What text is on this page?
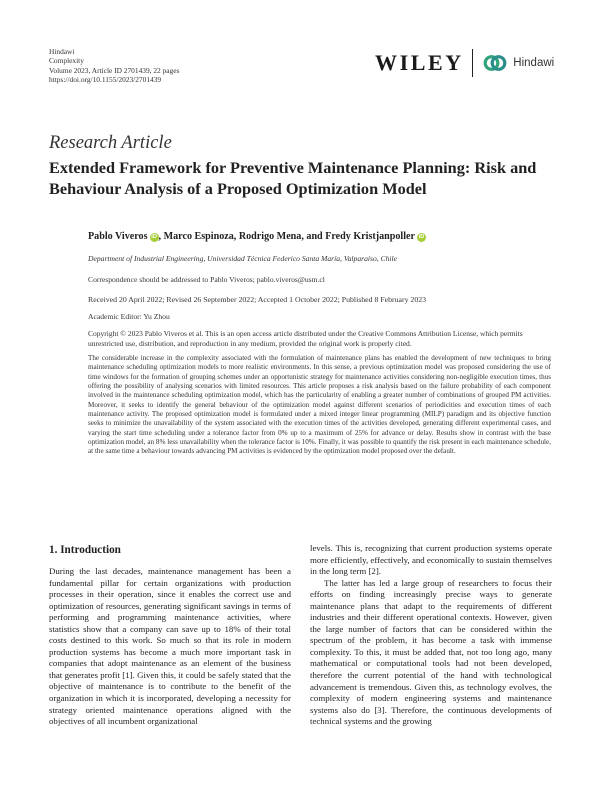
Hindawi
Complexity
Volume 2023, Article ID 2701439, 22 pages
https://doi.org/10.1155/2023/2701439
WILEY	Hindawi
Research Article
Extended Framework for Preventive Maintenance Planning: Risk and Behaviour Analysis of a Proposed Optimization Model
Pablo Viveros iD , Marco Espinoza, Rodrigo Mena, and Fredy Kristjanpoller iD
Department of Industrial Engineering, Universidad Técnica Federico Santa María, Valparaíso, Chile
Correspondence should be addressed to Pablo Viveros; pablo.viveros@usm.cl
Received 20 April 2022; Revised 26 September 2022; Accepted 1 October 2022; Published 8 February 2023
Academic Editor: Yu Zhou
Copyright © 2023 Pablo Viveros et al. This is an open access article distributed under the Creative Commons Attribution License, which permits unrestricted use, distribution, and reproduction in any medium, provided the original work is properly cited.
The considerable increase in the complexity associated with the formulation of maintenance plans has enabled the development of new techniques to bring maintenance scheduling optimization models to more realistic environments. In this sense, a previous optimization model was proposed considering the use of time windows for the formation of grouping schemes under an opportunistic strategy for maintenance activities considering non-negligible execution times, thus offering the possibility of analysing scenarios with limited resources. This article proposes a risk analysis based on the failure probability of each component involved in the maintenance scheduling optimization model, which has the particularity of enabling a greater number of combinations of grouped PM activities. Moreover, it seeks to identify the general behaviour of the optimization model against different scenarios of periodicities and execution times of each maintenance activity. The proposed optimization model is formulated under a mixed integer linear programming (MILP) paradigm and its objective function seeks to minimize the unavailability of the system associated with the execution times of the activities developed, generating different experimental cases, and varying the start time scheduling under a tolerance factor from 0% up to a maximum of 25% for advance or delay. Results show in contrast with the base optimization model, an 8% less unavailability when the tolerance factor is 10%. Finally, it was possible to quantify the risk present in each maintenance schedule, at the same time a behaviour towards advancing PM activities is evidenced by the optimization model proposed over the default.
1. Introduction

During the last decades, maintenance management has been a fundamental pillar for certain organizations with production processes in their operation, since it enables the correct use and optimization of resources, generating significant savings in terms of performing and programming maintenance activities, where statistics show that a company can save up to 18% of their total costs destined to this work. So much so that its role in modern production systems has become a much more important task in companies that adopt maintenance as an element of the business that generates profit [1]. Given this, it could be safely stated that the objective of maintenance is to contribute to the benefit of the organization in which it is incorporated, developing a necessity for strategy oriented maintenance operations aligned with the objectives of all incumbent organizational

levels. This is, recognizing that current production systems operate more efficiently, effectively, and economically to sustain themselves in the long term [2].

The latter has led a large group of researchers to focus their efforts on finding increasingly precise ways to generate maintenance plans that adapt to the requirements of different industries and their different operational contexts. However, given the large number of factors that can be considered within the spectrum of the problem, it has become a task with immense complexity. To this, it must be added that, not too long ago, many mathematical or computational tools had not been developed, therefore the current potential of the hand with technological advancement is tremendous. Given this, as technology evolves, the complexity of modern engineering systems and maintenance systems also do [3]. Therefore, the continuous developments of technical systems and the growing
